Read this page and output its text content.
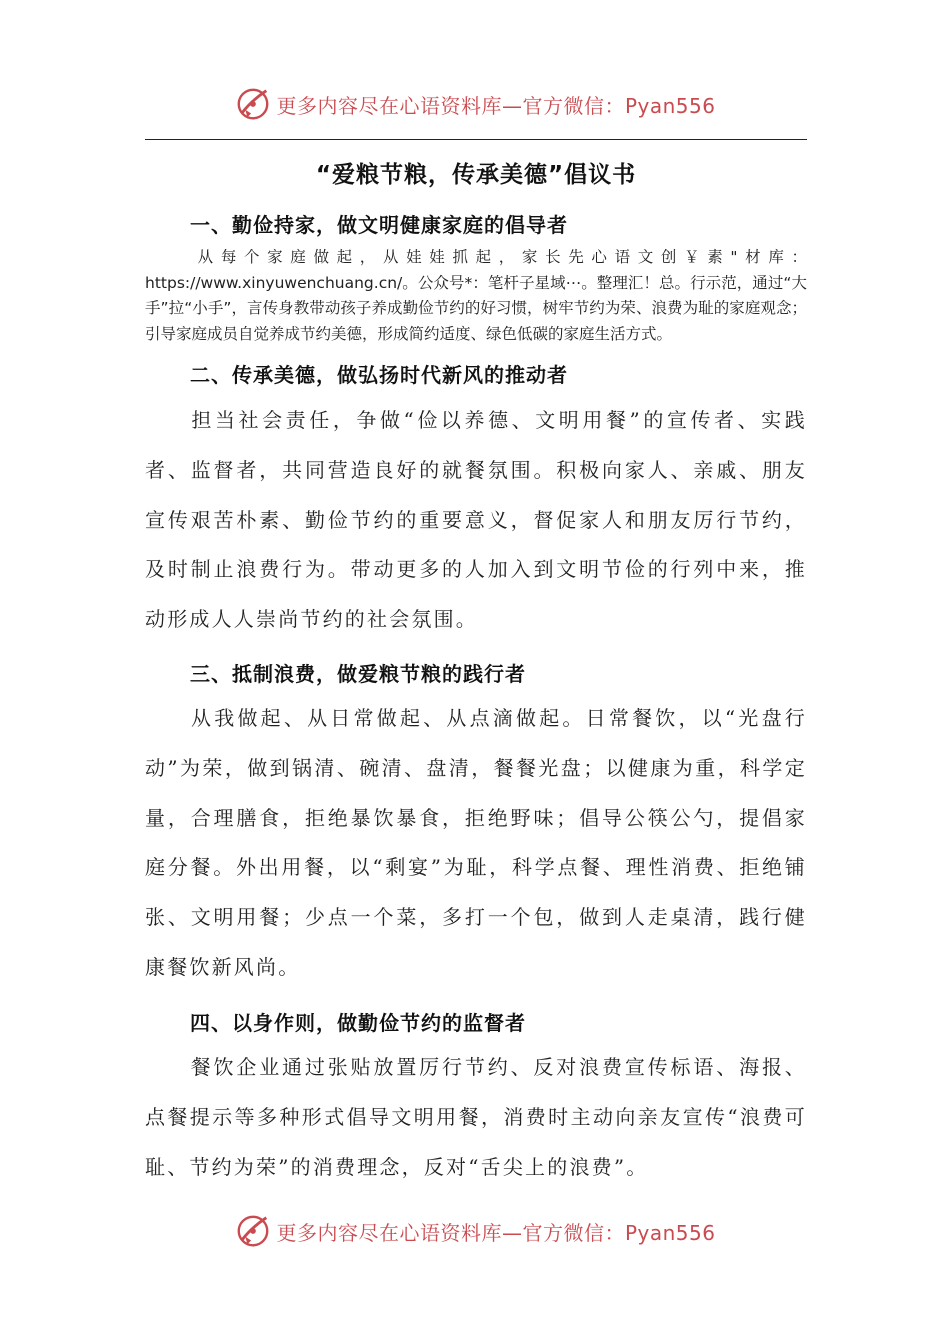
更多内容尽在心语资料库—官方微信：Pyan556
“爱粮节粮，传承美德”倡议书
一、勤俭持家，做文明健康家庭的倡导者
从每个家庭做起，从娃娃抓起，家长先心语文创￥素"材库：https://www.xinyuwenchuang.cn/。公众号*：笔杆子星域⋯。整理汇！总。行示范，通过“大手”拉“小手”，言传身教带动孩子养成勤俭节约的好习惯，树牢节约为荣、浪费为耻的家庭观念；引导家庭成员自觉养成节约美德，形成简约适度、绿色低碳的家庭生活方式。
二、传承美德，做弘扬时代新风的推动者
担当社会责任，争做“俭以养德、文明用餐”的宣传者、实践者、监督者，共同营造良好的就餐氛围。积极向家人、亲戚、朋友宣传艰苦朴素、勤俭节约的重要意义，督促家人和朋友厉行节约，及时制止浪费行为。带动更多的人加入到文明节俭的行列中来，推动形成人人崇尚节约的社会氛围。
三、抵制浪费，做爱粮节粮的践行者
从我做起、从日常做起、从点滴做起。日常餐饮，以“光盘行动”为荣，做到锅清、碗清、盘清，餐餐光盘；以健康为重，科学定量，合理膳食，拒绝暴饮暴食，拒绝野味；倡导公筷公勺，提倡家庭分餐。外出用餐，以“剩宴”为耻，科学点餐、理性消费、拒绝铺张、文明用餐；少点一个菜，多打一个包，做到人走桌清，践行健康餐饮新风尚。
四、以身作则，做勤俭节约的监督者
餐饮企业通过张贴放置厉行节约、反对浪费宣传标语、海报、点餐提示等多种形式倡导文明用餐，消费时主动向亲友宣传“浪费可耻、节约为荣”的消费理念，反对“舌尖上的浪费”。
更多内容尽在心语资料库—官方微信：Pyan556
